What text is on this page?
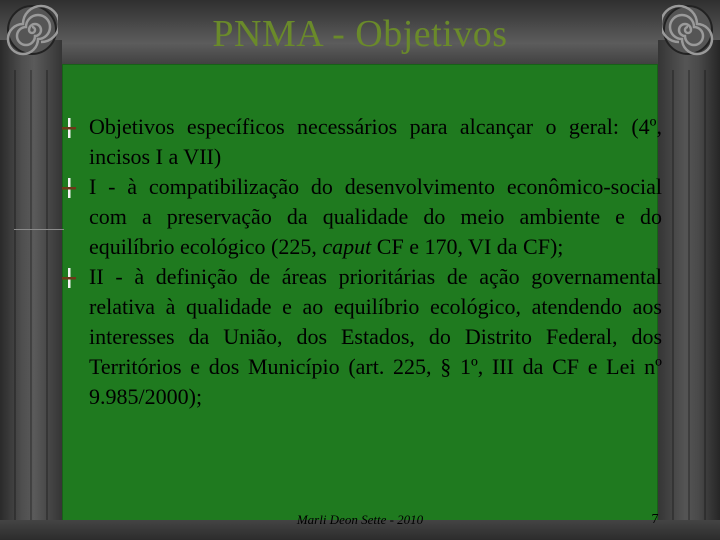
PNMA - Objetivos
Objetivos específicos necessários para alcançar o geral: (4º, incisos I a VII)
I - à compatibilização do desenvolvimento econômico-social com a preservação da qualidade do meio ambiente e do equilíbrio ecológico (225, caput CF e 170, VI da CF);
II - à definição de áreas prioritárias de ação governamental relativa à qualidade e ao equilíbrio ecológico, atendendo aos interesses da União, dos Estados, do Distrito Federal, dos Territórios e dos Município (art. 225, § 1º, III da CF e Lei nº 9.985/2000);
Marli Deon Sette - 2010	7
